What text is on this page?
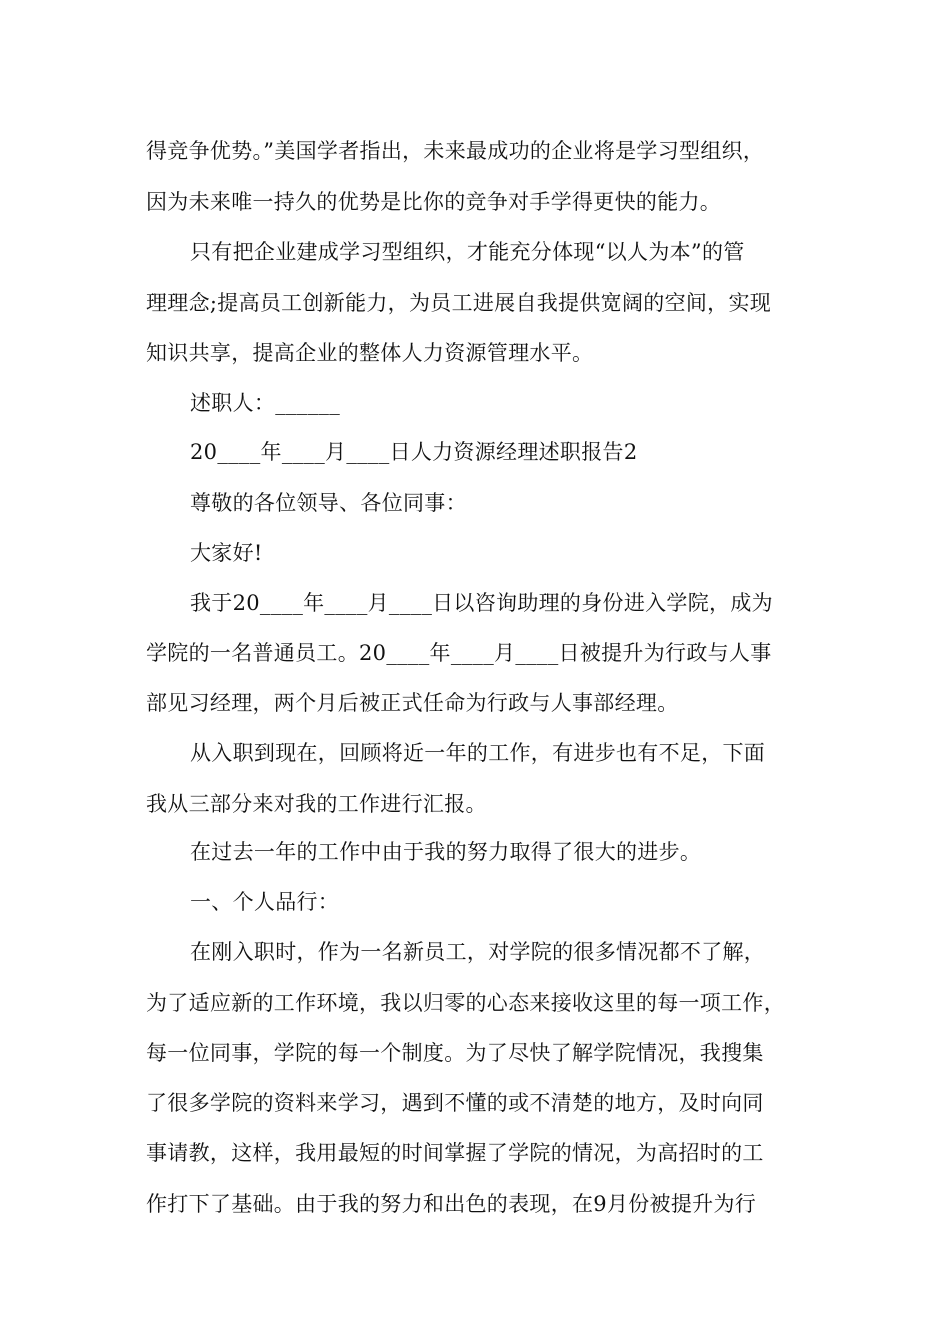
得竞争优势。”美国学者指出，未来最成功的企业将是学习型组织，
因为未来唯一持久的优势是比你的竞争对手学得更快的能力。
只有把企业建成学习型组织，才能充分体现“以人为本”的管
理理念;提高员工创新能力，为员工进展自我提供宽阔的空间，实现
知识共享，提高企业的整体人力资源管理水平。
述职人：______
20____年____月____日人力资源经理述职报告2
尊敬的各位领导、各位同事：
大家好!
我于20____年____月____日以咨询助理的身份进入学院，成为
学院的一名普通员工。20____年____月____日被提升为行政与人事
部见习经理，两个月后被正式任命为行政与人事部经理。
从入职到现在，回顾将近一年的工作，有进步也有不足，下面
我从三部分来对我的工作进行汇报。
在过去一年的工作中由于我的努力取得了很大的进步。
一、个人品行：
在刚入职时，作为一名新员工，对学院的很多情况都不了解，
为了适应新的工作环境，我以归零的心态来接收这里的每一项工作，
每一位同事，学院的每一个制度。为了尽快了解学院情况，我搜集
了很多学院的资料来学习，遇到不懂的或不清楚的地方，及时向同
事请教，这样，我用最短的时间掌握了学院的情况，为高招时的工
作打下了基础。由于我的努力和出色的表现，在9月份被提升为行
